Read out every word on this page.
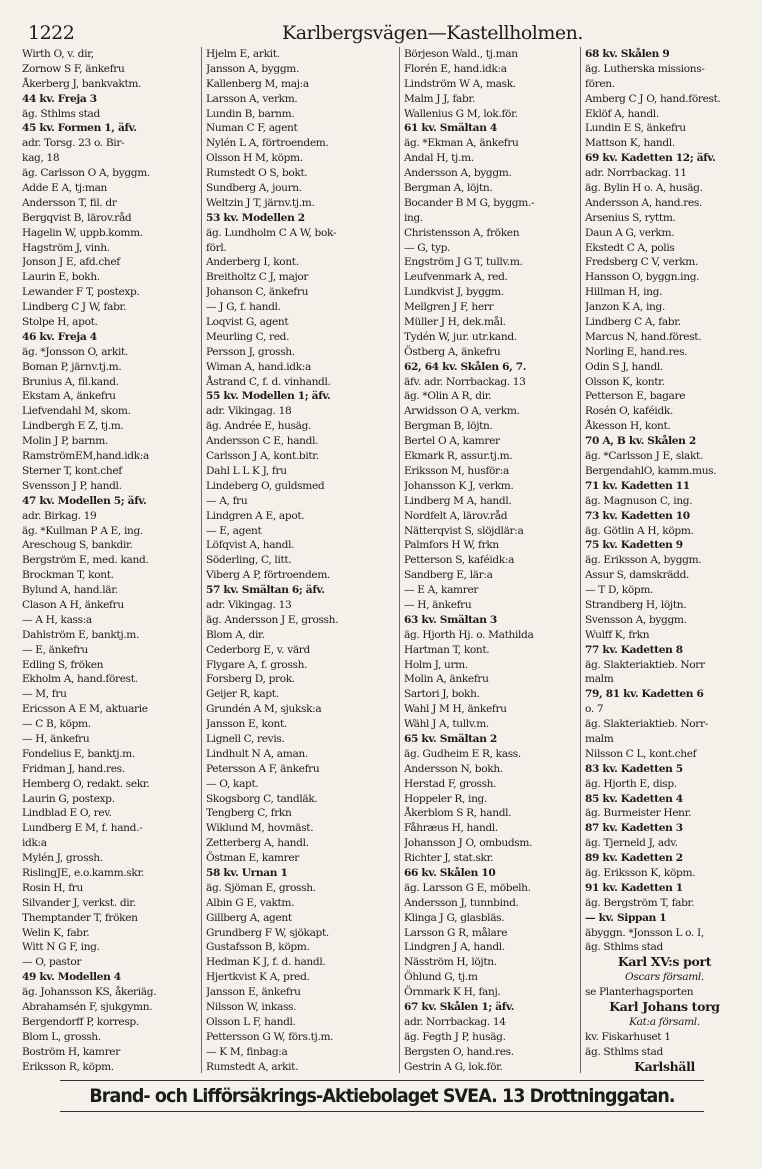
1222	Karlbergsvägen—Kastellholmen.
Wirth O, v. dir,
Zornow S F, änkefru
Åkerberg J, bankvaktm.
44 kv. Freja 3
äg. Sthlms stad
45 kv. Formen 1, äfv.
adr. Torsg. 23 o. Bir-
kag, 18
äg. Carlsson O A, byggm.
Adde E A, tj:man
Andersson T, fil. dr
Bergqvist B, lärov.råd
Hagelin W, uppb.komm.
Hagström J, vinh.
Jonson J E, afd.chef
Laurin E, bokh.
Lewander F T, postexp.
Lindberg C J W, fabr.
Stolpe H, apot.
46 kv. Freja 4
äg. *Jonsson O, arkit.
Boman P, järnv.tj.m.
Brunius A, fil.kand.
Ekstam A, änkefru
Liefvendahl M, skom.
Lindbergh E Z, tj.m.
Molin J P, barnm.
RamströmEM,hand.idk:a
Sterner T, kont.chef
Svensson J P, handl.
47 kv. Modellen 5; äfv.
adr. Birkag. 19
äg. *Kullman P A E, ing.
Areschoug S, bankdir.
Bergström E, med. kand.
Brockman T, kont.
Bylund A, hand.lär.
Clason A H, änkefru
— A H, kass:a
Dahlström E, banktj.m.
— E, änkefru
Edling S, fröken
Ekholm A, hand.förest.
— M, fru
Ericsson A E M, aktuarie
— C B, köpm.
— H, änkefru
Fondelius E, banktj.m.
Fridman J, hand.res.
Hemberg O, redakt. sekr.
Laurin G, postexp.
Lindblad E O, rev.
Lundberg E M, f. hand.-
idk:a
Mylén J, grossh.
RislingJE, e.o.kamm.skr.
Rosin H, fru
Silvander J, verkst. dir.
Themptander T, fröken
Welin K, fabr.
Witt N G F, ing.
— O, pastor
49 kv. Modellen 4
äg. Johansson KS, åkeriäg.
Abrahamsén F, sjukgymn.
Bergendorff P, korresp.
Blom L, grossh.
Boström H, kamrer
Eriksson R, köpm.
Hjelm E, arkit.
Jansson A, byggm.
Kallenberg M, maj:a
Larsson A, verkm.
Lundin B, barnm.
Numan C F, agent
Nylén L A, förtroendem.
Olsson H M, köpm.
Rumstedt O S, bokt.
Sundberg A, journ.
Weltzin J T, järnv.tj.m.
53 kv. Modellen 2
äg. Lundholm C A W, bok-
förl.
Anderberg I, kont.
Breitholtz C J, major
Johanson C, änkefru
— J G, f. handl.
Loqvist G, agent
Meurling C, red.
Persson J, grossh.
Wiman A, hand.idk:a
Åstrand C, f. d. vinhandl.
55 kv. Modellen 1; äfv.
adr. Vikingag. 18
äg. Andrée E, husäg.
Andersson C E, handl.
Carlsson J A, kont.bitr.
Dahl L L K J, fru
Lindeberg O, guldsmed
— A, fru
Lindgren A E, apot.
— E, agent
Löfqvist A, handl.
Söderling, C, litt.
Viberg A P, förtroendem.
57 kv. Smältan 6; äfv.
adr. Vikingag. 13
äg. Andersson J E, grossh.
Blom A, dir.
Cederborg E, v. värd
Flygare A, f. grossh.
Forsberg D, prok.
Geijer R, kapt.
Grundén A M, sjuksk:a
Jansson E, kont.
Lignell C, revis.
Lindhult N A, aman.
Petersson A F, änkefru
— O, kapt.
Skogsborg C, tandläk.
Tengberg C, frkn
Wiklund M, hovmäst.
Zetterberg A, handl.
Östman E, kamrer
58 kv. Urnan 1
äg. Sjöman E, grossh.
Albin G E, vaktm.
Gillberg A, agent
Grundberg F W, sjökapt.
Gustafsson B, köpm.
Hedman K J, f. d. handl.
Hjertkvist K A, pred.
Jansson E, änkefru
Nilsson W, inkass.
Olsson L F, handl.
Pettersson G W, förs.tj.m.
— K M, finbag:a
Rumstedt A, arkit.
Börjeson Wald., tj.man
Florén E, hand.idk:a
Lindström W A, mask.
Malm J J, fabr.
Wallenius G M, lok.för.
61 kv. Smältan 4
äg. *Ekman A, änkefru
Andal H, tj.m.
Andersson A, byggm.
Bergman A, löjtn.
Bocander B M G, byggm.-
ing.
Christensson A, fröken
— G, typ.
Engström J G T, tullv.m.
Leufvenmark A, red.
Lundkvist J, byggm.
Mellgren J F, herr
Müller J H, dek.mål.
Tydén W, jur. utr.kand.
Östberg A, änkefru
62, 64 kv. Skålen 6, 7.
äfv. adr. Norrbackag. 13
äg. *Olin A R, dir.
Arwidsson O A, verkm.
Bergman B, löjtn.
Bertel O A, kamrer
Ekmark R, assur.tj.m.
Eriksson M, husför:a
Johansson K J, verkm.
Lindberg M A, handl.
Nordfelt A, lärov.råd
Nätterqvist S, slöjdlär:a
Palmfors H W, frkn
Petterson S, kaféidk:a
Sandberg E, lär:a
— E A, kamrer
— H, änkefru
63 kv. Smältan 3
äg. Hjorth Hj. o. Mathilda
Hartman T, kont.
Holm J, urm.
Molin A, änkefru
Sartori J, bokh.
Wahl J M H, änkefru
Wähl J A, tullv.m.
65 kv. Smältan 2
äg. Gudheim E R, kass.
Andersson N, bokh.
Herstad F, grossh.
Hoppeler R, ing.
Åkerblom S R, handl.
Fåhræus H, handl.
Johansson J O, ombudsm.
Richter J, stat.skr.
66 kv. Skålen 10
äg. Larsson G E, möbelh.
Andersson J, tunnbind.
Klinga J G, glasbläs.
Larsson G R, målare
Lindgren J A, handl.
Näsström H, löjtn.
Öhlund G, tj.m
Örnmark K H, fanj.
67 kv. Skålen 1; äfv.
adr. Norrbackag. 14
äg. Fegth J P, husäg.
Bergsten O, hand.res.
Gestrin A G, lok.för.
68 kv. Skålen 9
äg. Lutherska missions-
fören.
Amberg C J O, hand.förest.
Eklöf A, handl.
Lundin E S, änkefru
Mattson K, handl.
69 kv. Kadetten 12; äfv.
adr. Norrbackag. 11
äg. Bylin H o. A, husäg.
Andersson A, hand.res.
Arsenius S, ryttm.
Daun A G, verkm.
Ekstedt C A, polis
Fredsberg C V, verkm.
Hansson O, byggn.ing.
Hillman H, ing.
Janzon K A, ing.
Lindberg C A, fabr.
Marcus N, hand.förest.
Norling E, hand.res.
Odin S J, handl.
Olsson K, kontr.
Petterson E, bagare
Rosén O, kaféidk.
Åkesson H, kont.
70 A, B kv. Skålen 2
äg. *Carlsson J E, slakt.
BergendahlO, kamm.mus.
71 kv. Kadetten 11
äg. Magnuson C, ing.
73 kv. Kadetten 10
äg. Götlin A H, köpm.
75 kv. Kadetten 9
äg. Eriksson A, byggm.
Assur S, damskrädd.
— T D, köpm.
Strandberg H, löjtn.
Svensson A, byggm.
Wulff K, frkn
77 kv. Kadetten 8
äg. Slakteriaktieb. Norr
malm
79, 81 kv. Kadetten 6
o. 7
äg. Slakteriaktieb. Norr-
malm
Nilsson C L, kont.chef
83 kv. Kadetten 5
äg. Hjorth E, disp.
85 kv. Kadetten 4
äg. Burmeister Henr.
87 kv. Kadetten 3
äg. Tjerneld J, adv.
89 kv. Kadetten 2
äg. Eriksson K, köpm.
91 kv. Kadetten 1
äg. Bergström T, fabr.
— kv. Sippan 1
äbyggn. *Jonsson L o. I,
äg. Sthlms stad
Karl XV:s port
Oscars församl.
se Planterhagsporten
Karl Johans torg
Kat:a församl.
kv. Fiskarhuset 1
äg. Sthlms stad
Karlshäll
Brand- och Lifförsäkrings-Aktiebolaget SVEA. 13 Drottninggatan.
